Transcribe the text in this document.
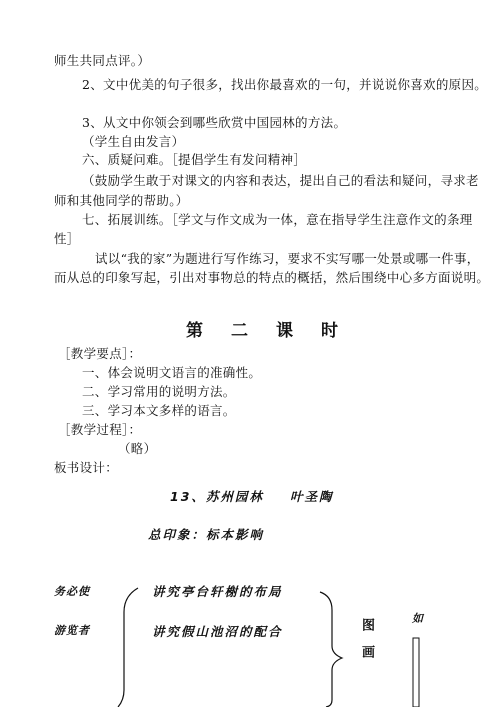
师生共同点评。）
2、文中优美的句子很多，找出你最喜欢的一句，并说说你喜欢的原因。
3、从文中你领会到哪些欣赏中国园林的方法。
（学生自由发言）
六、质疑问难。［提倡学生有发问精神］
（鼓励学生敢于对课文的内容和表达，提出自己的看法和疑问，寻求老
师和其他同学的帮助。）
七、拓展训练。［学文与作文成为一体，意在指导学生注意作文的条理
性］
试以“我的家”为题进行写作练习，要求不实写哪一处景或哪一件事，
而从总的印象写起，引出对事物总的特点的概括，然后围绕中心多方面说明。
第二课时
［教学要点］：
一、体会说明文语言的准确性。
二、学习常用的说明方法。
三、学习本文多样的语言。
［教学过程］：
（略）
板书设计：
13、苏州园林 叶圣陶
总印象：标本影响
务必使
游览者
讲究亭台轩榭的布局
讲究假山池沼的配合	图画	如
